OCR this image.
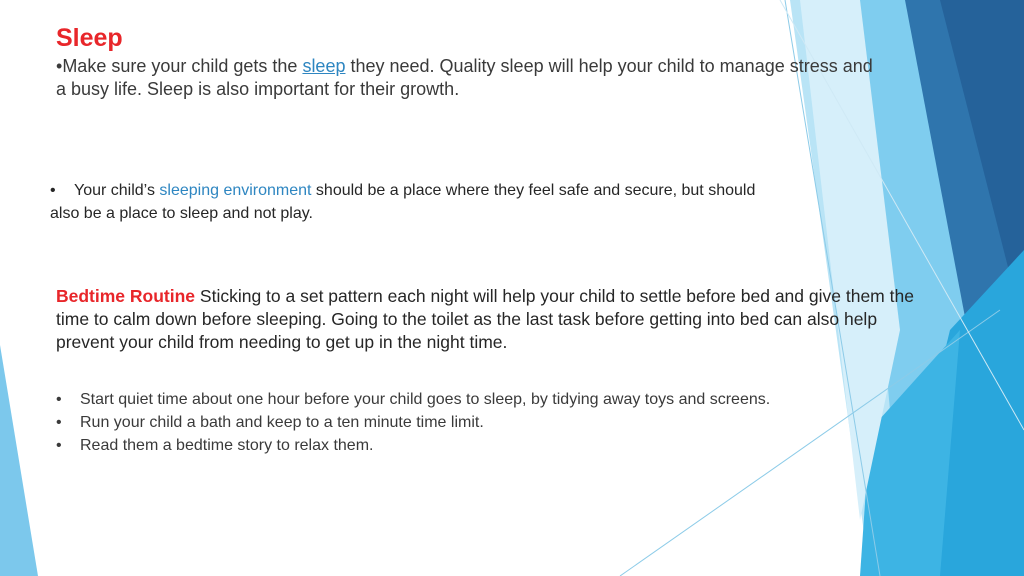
Sleep
•Make sure your child gets the sleep they need. Quality sleep will help your child to manage stress and a busy life. Sleep is also important for their growth.
• Your child’s sleeping environment should be a place where they feel safe and secure, but should also be a place to sleep and not play.
Bedtime Routine Sticking to a set pattern each night will help your child to settle before bed and give them the time to calm down before sleeping. Going to the toilet as the last task before getting into bed can also help prevent your child from needing to get up in the night time.
• Start quiet time about one hour before your child goes to sleep, by tidying away toys and screens.
• Run your child a bath and keep to a ten minute time limit.
• Read them a bedtime story to relax them.
